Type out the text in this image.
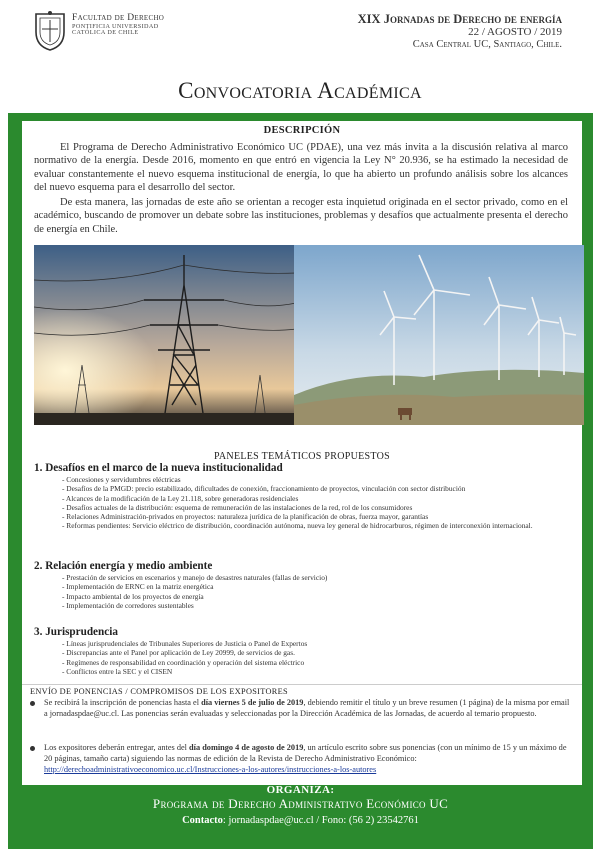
Facultad de Derecho
PONTIFICIA UNIVERSIDAD
CATÓLICA DE CHILE
XIX Jornadas de Derecho de energía
22 / AGOSTO / 2019
Casa Central UC, Santiago, Chile.
Convocatoria Académica
DESCRIPCIÓN

El Programa de Derecho Administrativo Económico UC (PDAE), una vez más invita a la discusión relativa al marco normativo de la energía. Desde 2016, momento en que entró en vigencia la Ley N° 20.936, se ha estimado la necesidad de evaluar constantemente el nuevo esquema institucional de energía, lo que ha abierto un profundo análisis sobre los alcances del nuevo esquema para el desarrollo del sector.

De esta manera, las jornadas de este año se orientan a recoger esta inquietud originada en el sector privado, como en el académico, buscando de promover un debate sobre las instituciones, problemas y desafíos que actualmente presenta el derecho de energía en Chile.

PANELES TEMÁTICOS PROPUESTOS
1. Desafíos en el marco de la nueva institucionalidad
- Concesiones y servidumbres eléctricas
- Desafíos de la PMGD: precio estabilizado, dificultades de conexión, fraccionamiento de proyectos, vinculación con sector distribución
- Alcances de la modificación de la Ley 21.118, sobre generadoras residenciales
- Desafíos actuales de la distribución: esquema de remuneración de las instalaciones de la red, rol de los consumidores
- Relaciones Administración-privados en proyectos: naturaleza jurídica de la planificación de obras, fuerza mayor, garantías
- Reformas pendientes: Servicio eléctrico de distribución, coordinación autónoma, nueva ley general de hidrocarburos, régimen de interconexión internacional.
2. Relación energía y medio ambiente
- Prestación de servicios en escenarios y manejo de desastres naturales (fallas de servicio)
- Implementación de ERNC en la matriz energética
- Impacto ambiental de los proyectos de energía
- Implementación de corredores sustentables
3. Jurisprudencia
- Líneas jurisprudenciales de Tribunales Superiores de Justicia o Panel de Expertos
- Discrepancias ante el Panel por aplicación de Ley 20999, de servicios de gas.
- Regímenes de responsabilidad en coordinación y operación del sistema eléctrico
- Conflictos entre la SEC y el CISEN
ENVÍO DE PONENCIAS / COMPROMISOS DE LOS EXPOSITORES
Se recibirá la inscripción de ponencias hasta el día viernes 5 de julio de 2019, debiendo remitir el título y un breve resumen (1 página) de la misma por email a jornadaspdae@uc.cl. Las ponencias serán evaluadas y seleccionadas por la Dirección Académica de las Jornadas, de acuerdo al temario propuesto.
Los expositores deberán entregar, antes del día domingo 4 de agosto de 2019, un artículo escrito sobre sus ponencias (con un mínimo de 15 y un máximo de 20 páginas, tamaño carta) siguiendo las normas de edición de la Revista de Derecho Administrativo Económico: http://derechoadministrativoeconomico.uc.cl/Instrucciones-a-los-autores/instrucciones-a-los-autores
ORGANIZA:
Programa de Derecho Administrativo Económico UC
Contacto: jornadaspdae@uc.cl / Fono: (56 2) 23542761
